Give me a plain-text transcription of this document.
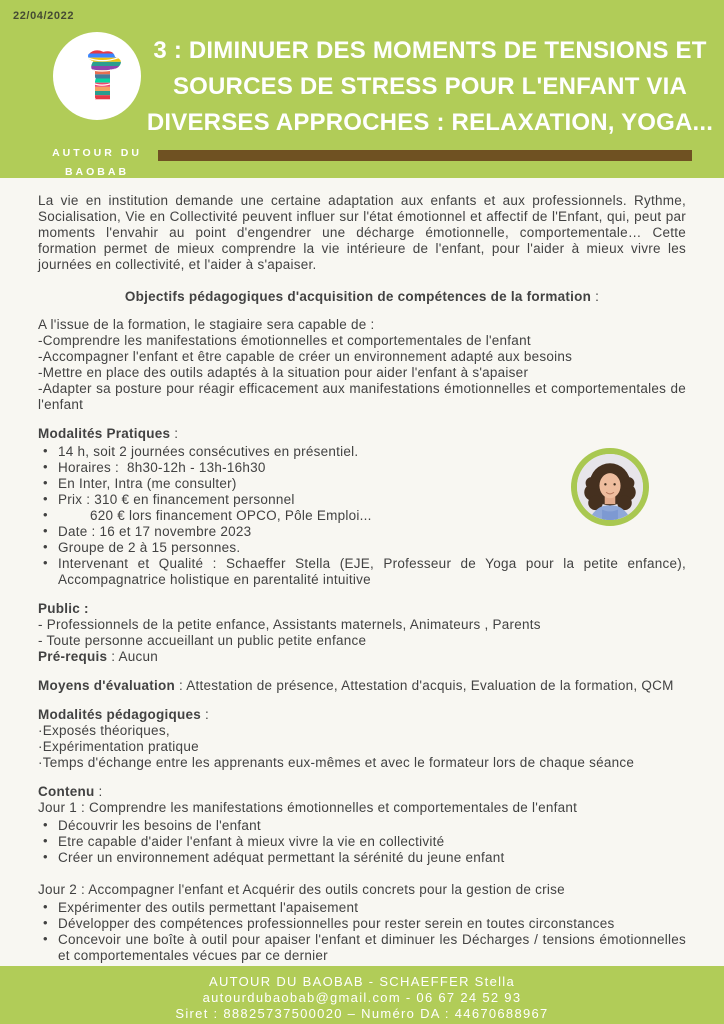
22/04/2022
AUTOUR DU
BAOBAB
3 : DIMINUER DES MOMENTS DE TENSIONS ET
SOURCES DE STRESS POUR L'ENFANT VIA
DIVERSES APPROCHES : RELAXATION, YOGA...

La vie en institution demande une certaine adaptation aux enfants et aux professionnels. Rythme, Socialisation, Vie en Collectivité peuvent influer sur l'état émotionnel et affectif de l'Enfant, qui, peut par moments l'envahir au point d'engendrer une décharge émotionnelle, comportementale… Cette formation permet de mieux comprendre la vie intérieure de l'enfant, pour l'aider à mieux vivre les journées en collectivité, et l'aider à s'apaiser.

Objectifs pédagogiques d'acquisition de compétences de la formation :

A l'issue de la formation, le stagiaire sera capable de :

-Comprendre les manifestations émotionnelles et comportementales de l'enfant
-Accompagner l'enfant et être capable de créer un environnement adapté aux besoins
-Mettre en place des outils adaptés à la situation pour aider l'enfant à s'apaiser
-Adapter sa posture pour réagir efficacement aux manifestations émotionnelles et comportementales de l'enfant

Modalités Pratiques :

• 14 h, soit 2 journées consécutives en présentiel.
• Horaires :  8h30-12h - 13h-16h30
• En Inter, Intra (me consulter)
• Prix : 310 € en financement personnel
•         620 € lors financement OPCO, Pôle Emploi...
• Date : 16 et 17 novembre 2023
• Groupe de 2 à 15 personnes.
• Intervenant et Qualité : Schaeffer Stella (EJE, Professeur de Yoga pour la petite enfance), Accompagnatrice holistique en parentalité intuitive

Public :

- Professionnels de la petite enfance, Assistants maternels, Animateurs , Parents
- Toute personne accueillant un public petite enfance

Pré-requis : Aucun

Moyens d'évaluation : Attestation de présence, Attestation d'acquis, Evaluation de la formation, QCM

Modalités pédagogiques :

·Exposés théoriques,
·Expérimentation pratique
·Temps d'échange entre les apprenants eux-mêmes et avec le formateur lors de chaque séance

Contenu :

Jour 1 : Comprendre les manifestations émotionnelles et comportementales de l'enfant

• Découvrir les besoins de l'enfant
• Etre capable d'aider l'enfant à mieux vivre la vie en collectivité
• Créer un environnement adéquat permettant la sérénité du jeune enfant

Jour 2 : Accompagner l'enfant et Acquérir des outils concrets pour la gestion de crise

• Expérimenter des outils permettant l'apaisement
• Développer des compétences professionnelles pour rester serein en toutes circonstances
• Concevoir une boîte à outil pour apaiser l'enfant et diminuer les Décharges / tensions émotionnelles et comportementales vécues par ce dernier
AUTOUR DU BAOBAB - SCHAEFFER Stella
autourdubaobab@gmail.com - 06 67 24 52 93
Siret : 88825737500020 – Numéro DA : 44670688967
